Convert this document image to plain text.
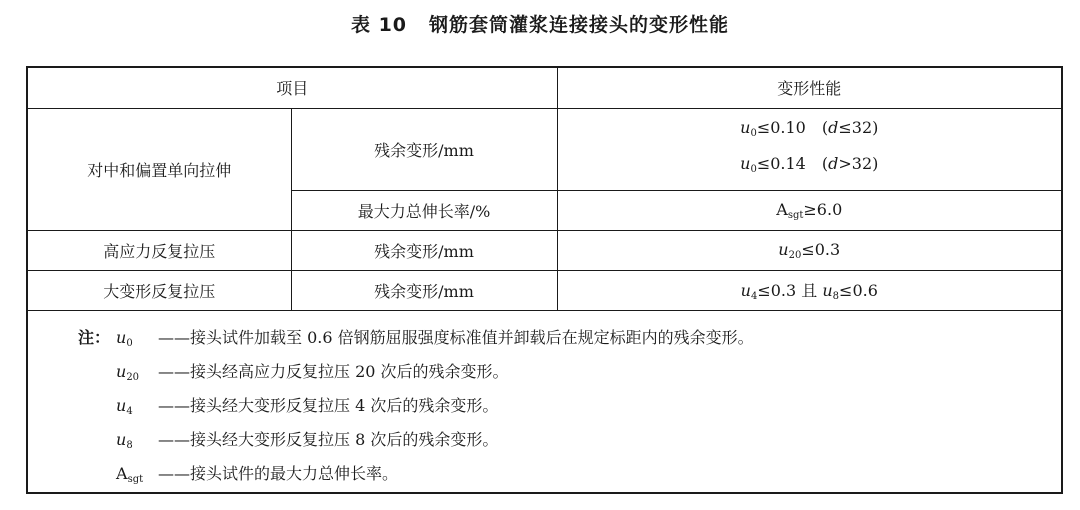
表 10 钢筋套筒灌浆连接接头的变形性能
项目		变形性能
对中和偏置单向拉伸	残余变形/mm	$u_0\le 0.10$　(d≤32)
$u_0\le 0.14$　(d>32)

	最大力总伸长率/%	$A_{sgt}\ge 6.0$
高应力反复拉压	残余变形/mm	$u_{20}\le 0.3$
大变形反复拉压	残余变形/mm	$u_4\le 0.3$ 且 $u_8\le 0.6$
注： $u_0$ ——接头试件加载至 0.6 倍钢筋屈服强度标准值并卸载后在规定标距内的残余变形。
$u_{20}$ ——接头经高应力反复拉压 20 次后的残余变形。
$u_4$ ——接头经大变形反复拉压 4 次后的残余变形。
$u_8$ ——接头经大变形反复拉压 8 次后的残余变形。
$A_{sgt}$ ——接头试件的最大力总伸长率。
